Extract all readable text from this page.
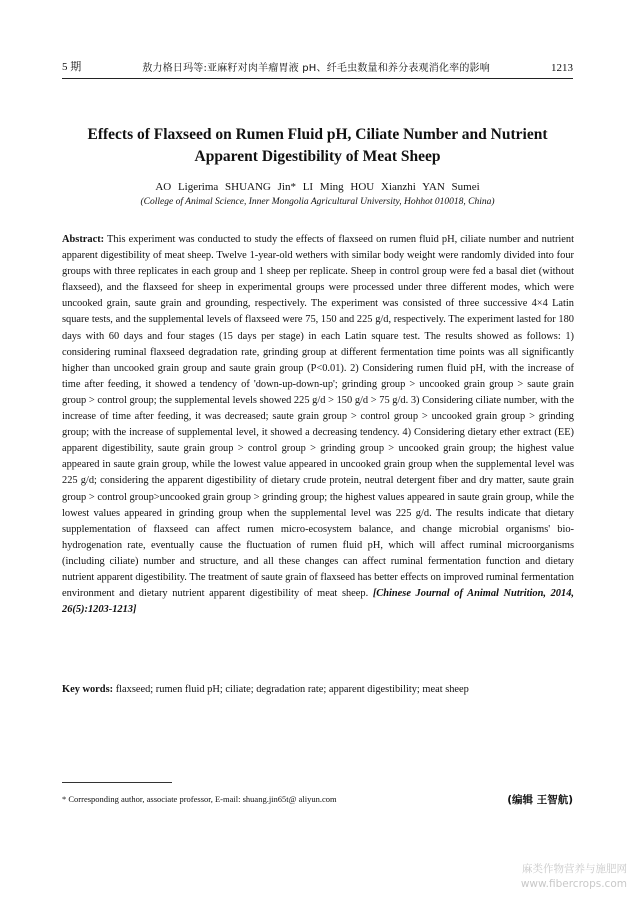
5 期	敖力格日玛等:亚麻籽对肉羊瘤胃液 pH、纤毛虫数量和养分表观消化率的影响	1213
Effects of Flaxseed on Rumen Fluid pH, Ciliate Number and Nutrient Apparent Digestibility of Meat Sheep
AO Ligerima SHUANG Jin* LI Ming HOU Xianzhi YAN Sumei
(College of Animal Science, Inner Mongolia Agricultural University, Hohhot 010018, China)
Abstract: This experiment was conducted to study the effects of flaxseed on rumen fluid pH, ciliate number and nutrient apparent digestibility of meat sheep. Twelve 1-year-old wethers with similar body weight were randomly divided into four groups with three replicates in each group and 1 sheep per replicate. Sheep in control group were fed a basal diet (without flaxseed), and the flaxseed for sheep in experimental groups were processed under three different modes, which were uncooked grain, saute grain and grounding, respectively. The experiment was consisted of three successive 4×4 Latin square tests, and the supplemental levels of flaxseed were 75, 150 and 225 g/d, respectively. The experiment lasted for 180 days with 60 days and four stages (15 days per stage) in each Latin square test. The results showed as follows: 1) considering ruminal flaxseed degradation rate, grinding group at different fermentation time points was all significantly higher than uncooked grain group and saute grain group (P<0.01). 2) Considering rumen fluid pH, with the increase of time after feeding, it showed a tendency of 'down-up-down-up'; grinding group > uncooked grain group > saute grain group > control group; the supplemental levels showed 225 g/d > 150 g/d > 75 g/d. 3) Considering ciliate number, with the increase of time after feeding, it was decreased; saute grain group > control group > uncooked grain group > grinding group; with the increase of supplemental level, it showed a decreasing tendency. 4) Considering dietary ether extract (EE) apparent digestibility, saute grain group > control group > grinding group > uncooked grain group; the highest value appeared in saute grain group, while the lowest value appeared in uncooked grain group when the supplemental level was 225 g/d; considering the apparent digestibility of dietary crude protein, neutral detergent fiber and dry matter, saute grain group > control group>uncooked grain group > grinding group; the highest values appeared in saute grain group, while the lowest values appeared in grinding group when the supplemental level was 225 g/d. The results indicate that dietary supplementation of flaxseed can affect rumen micro-ecosystem balance, and change microbial organisms' bio-hydrogenation rate, eventually cause the fluctuation of rumen fluid pH, which will affect ruminal microorganisms (including ciliate) number and structure, and all these changes can affect ruminal fermentation function and dietary nutrient apparent digestibility. The treatment of saute grain of flaxseed has better effects on improved ruminal fermentation environment and dietary nutrient apparent digestibility of meat sheep. [Chinese Journal of Animal Nutrition, 2014, 26(5):1203-1213]
Key words: flaxseed; rumen fluid pH; ciliate; degradation rate; apparent digestibility; meat sheep
* Corresponding author, associate professor, E-mail: shuang.jin65t@ aliyun.com	(编辑 王智航)
麻类作物营养与施肥网
www.fibercrops.com
